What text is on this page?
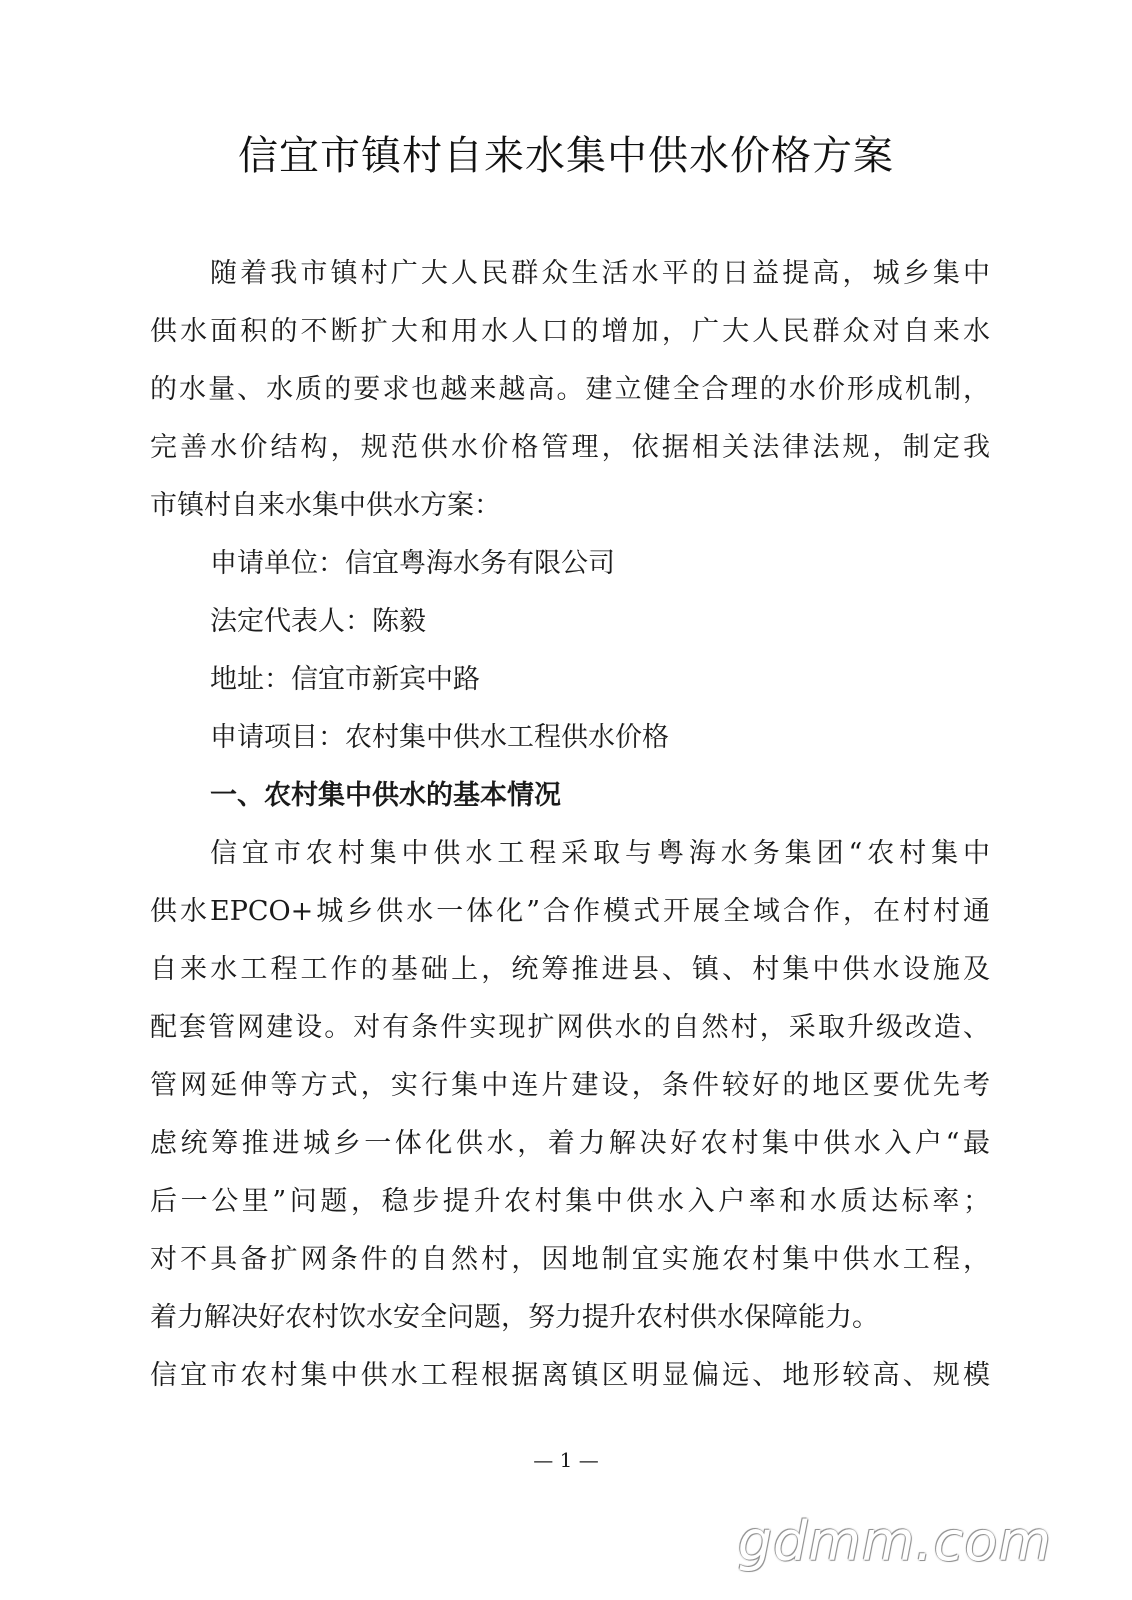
信宜市镇村自来水集中供水价格方案
随着我市镇村广大人民群众生活水平的日益提高，城乡集中
供水面积的不断扩大和用水人口的增加，广大人民群众对自来水
的水量、水质的要求也越来越高。建立健全合理的水价形成机制，
完善水价结构，规范供水价格管理，依据相关法律法规，制定我
市镇村自来水集中供水方案：
申请单位：信宜粤海水务有限公司
法定代表人：陈毅
地址：信宜市新宾中路
申请项目：农村集中供水工程供水价格
一、农村集中供水的基本情况
信宜市农村集中供水工程采取与粤海水务集团“农村集中
供水EPCO+城乡供水一体化”合作模式开展全域合作，在村村通
自来水工程工作的基础上，统筹推进县、镇、村集中供水设施及
配套管网建设。对有条件实现扩网供水的自然村，采取升级改造、
管网延伸等方式，实行集中连片建设，条件较好的地区要优先考
虑统筹推进城乡一体化供水，着力解决好农村集中供水入户“最
后一公里”问题，稳步提升农村集中供水入户率和水质达标率；
对不具备扩网条件的自然村，因地制宜实施农村集中供水工程，
着力解决好农村饮水安全问题，努力提升农村供水保障能力。
信宜市农村集中供水工程根据离镇区明显偏远、地形较高、规模
— 1 —
gdmm.com
